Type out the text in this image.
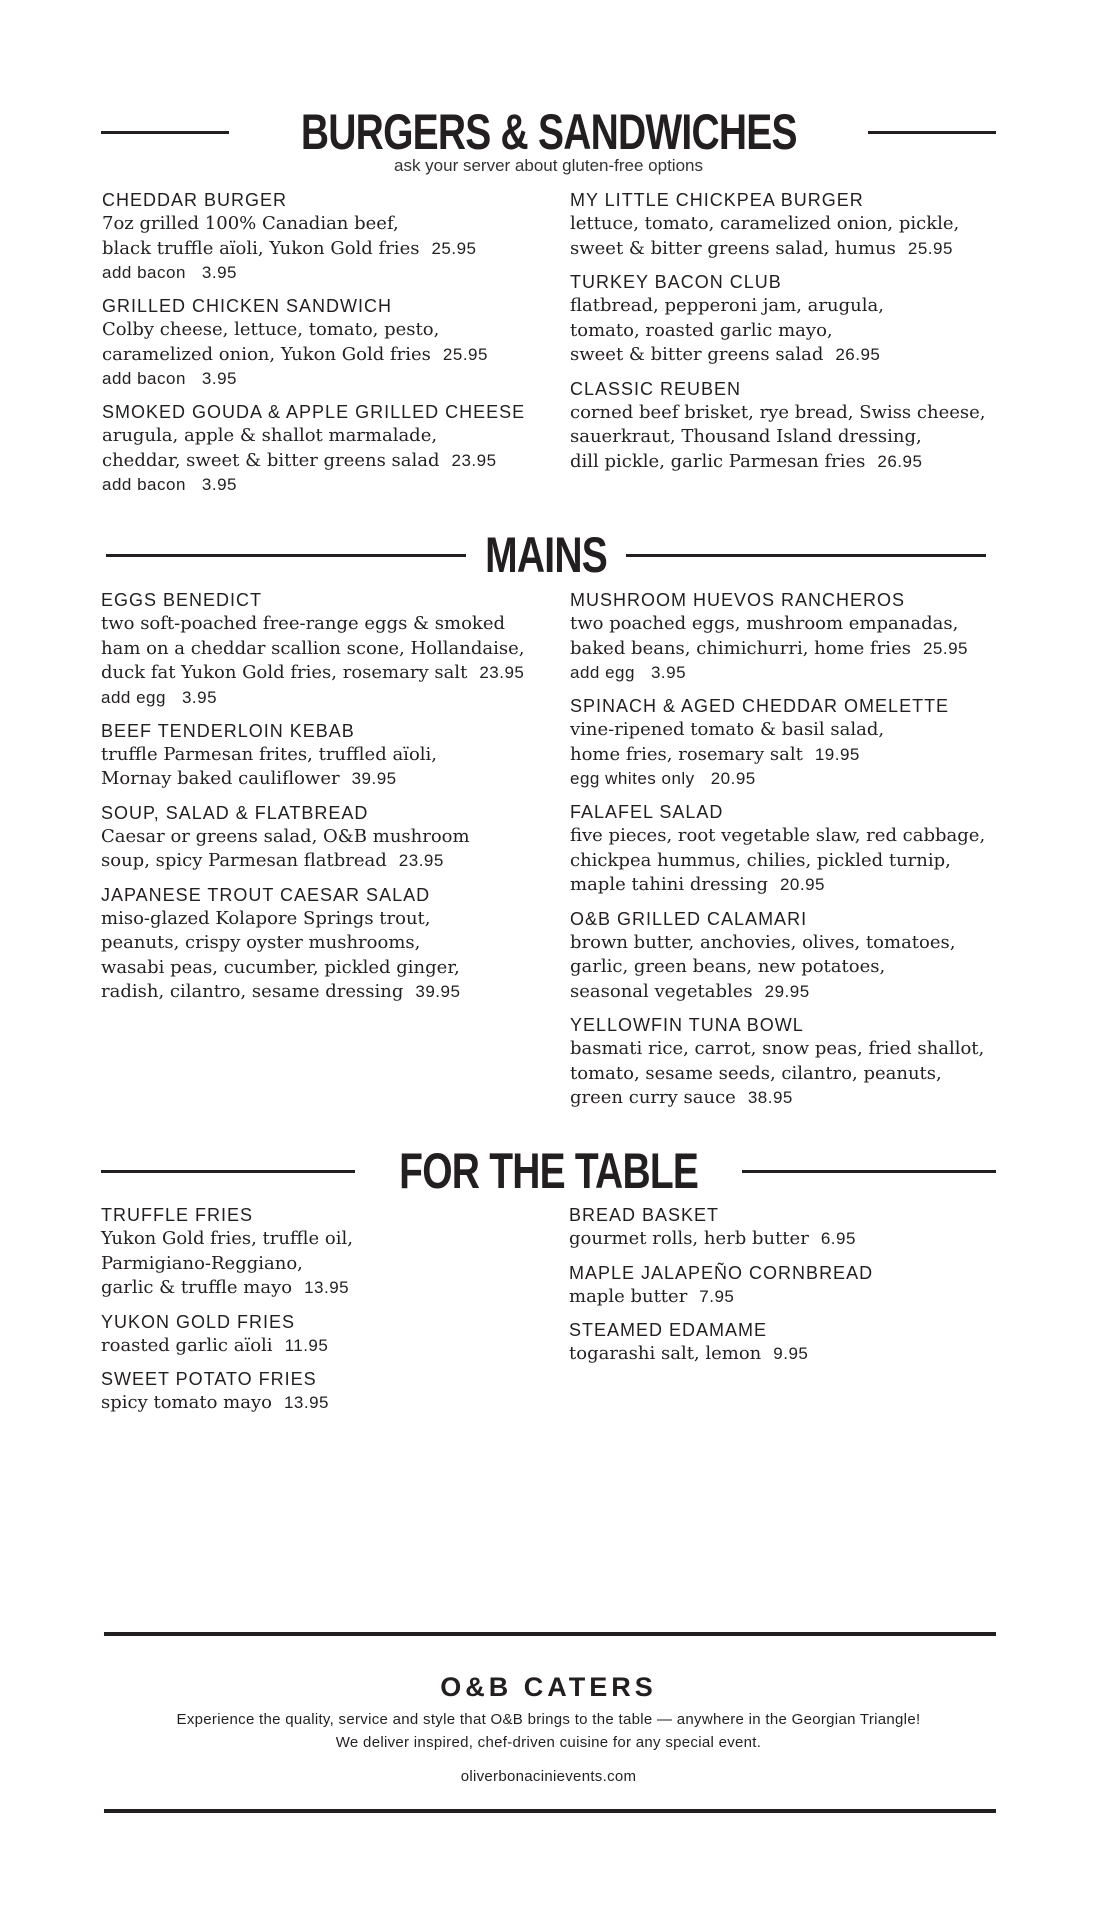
BURGERS & SANDWICHES
ask your server about gluten-free options
CHEDDAR BURGER
7oz grilled 100% Canadian beef,
black truffle aïoli, Yukon Gold fries 25.95
add bacon 3.95
GRILLED CHICKEN SANDWICH
Colby cheese, lettuce, tomato, pesto,
caramelized onion, Yukon Gold fries 25.95
add bacon 3.95
SMOKED GOUDA & APPLE GRILLED CHEESE
arugula, apple & shallot marmalade,
cheddar, sweet & bitter greens salad 23.95
add bacon 3.95
MY LITTLE CHICKPEA BURGER
lettuce, tomato, caramelized onion, pickle,
sweet & bitter greens salad, humus 25.95
TURKEY BACON CLUB
flatbread, pepperoni jam, arugula,
tomato, roasted garlic mayo,
sweet & bitter greens salad 26.95
CLASSIC REUBEN
corned beef brisket, rye bread, Swiss cheese,
sauerkraut, Thousand Island dressing,
dill pickle, garlic Parmesan fries 26.95
MAINS
EGGS BENEDICT
two soft-poached free-range eggs & smoked
ham on a cheddar scallion scone, Hollandaise,
duck fat Yukon Gold fries, rosemary salt 23.95
add egg 3.95
BEEF TENDERLOIN KEBAB
truffle Parmesan frites, truffled aïoli,
Mornay baked cauliflower 39.95
SOUP, SALAD & FLATBREAD
Caesar or greens salad, O&B mushroom
soup, spicy Parmesan flatbread 23.95
JAPANESE TROUT CAESAR SALAD
miso-glazed Kolapore Springs trout,
peanuts, crispy oyster mushrooms,
wasabi peas, cucumber, pickled ginger,
radish, cilantro, sesame dressing 39.95
MUSHROOM HUEVOS RANCHEROS
two poached eggs, mushroom empanadas,
baked beans, chimichurri, home fries 25.95
add egg 3.95
SPINACH & AGED CHEDDAR OMELETTE
vine-ripened tomato & basil salad,
home fries, rosemary salt 19.95
egg whites only 20.95
FALAFEL SALAD
five pieces, root vegetable slaw, red cabbage,
chickpea hummus, chilies, pickled turnip,
maple tahini dressing 20.95
O&B GRILLED CALAMARI
brown butter, anchovies, olives, tomatoes,
garlic, green beans, new potatoes,
seasonal vegetables 29.95
YELLOWFIN TUNA BOWL
basmati rice, carrot, snow peas, fried shallot,
tomato, sesame seeds, cilantro, peanuts,
green curry sauce 38.95
FOR THE TABLE
TRUFFLE FRIES
Yukon Gold fries, truffle oil,
Parmigiano-Reggiano,
garlic & truffle mayo 13.95
YUKON GOLD FRIES
roasted garlic aïoli 11.95
SWEET POTATO FRIES
spicy tomato mayo 13.95
BREAD BASKET
gourmet rolls, herb butter 6.95
MAPLE JALAPEÑO CORNBREAD
maple butter 7.95
STEAMED EDAMAME
togarashi salt, lemon 9.95
O&B CATERS
Experience the quality, service and style that O&B brings to the table — anywhere in the Georgian Triangle!
We deliver inspired, chef-driven cuisine for any special event.
oliverbonacinievents.com
